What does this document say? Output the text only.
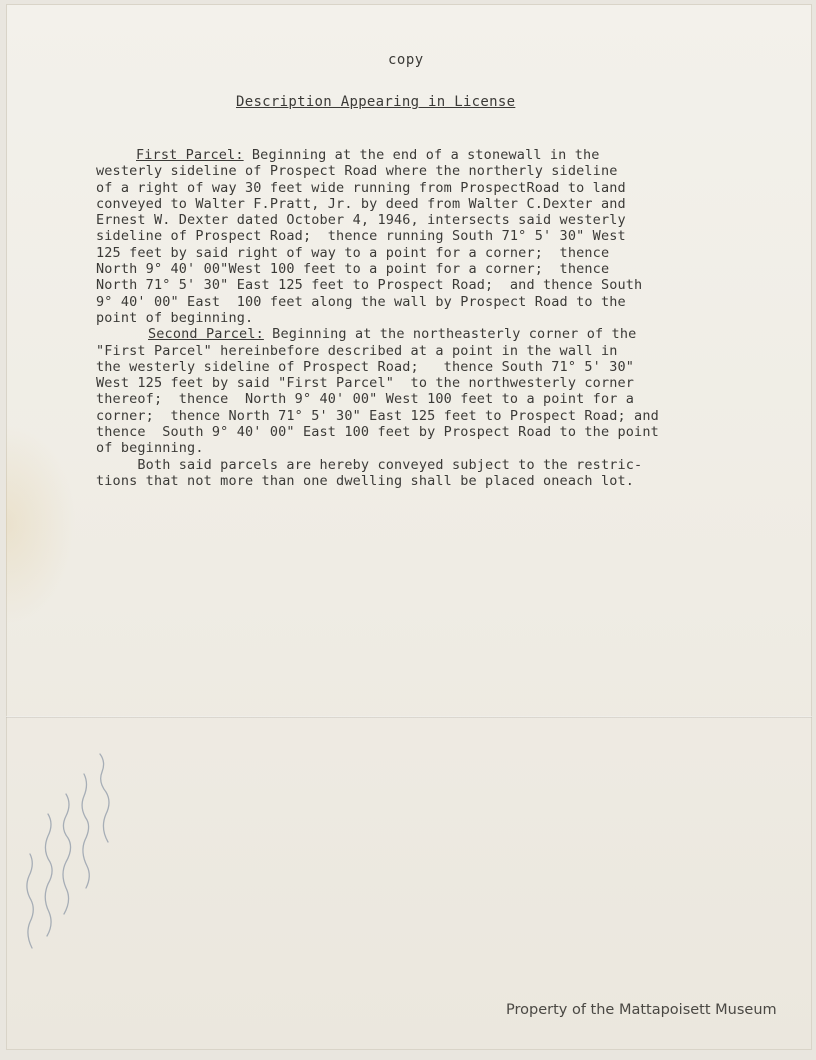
copy
Description Appearing in License
First Parcel: Beginning at the end of a stonewall in the
westerly sideline of Prospect Road where the northerly sideline
of a right of way 30 feet wide running from ProspectRoad to land
conveyed to Walter F.Pratt, Jr. by deed from Walter C.Dexter and
Ernest W. Dexter dated October 4, 1946, intersects said westerly
sideline of Prospect Road;  thence running South 71° 5' 30" West
125 feet by said right of way to a point for a corner;  thence
North 9° 40' 00"West 100 feet to a point for a corner;  thence
North 71° 5' 30" East 125 feet to Prospect Road;  and thence South
9° 40' 00" East  100 feet along the wall by Prospect Road to the
point of beginning.
Second Parcel: Beginning at the northeasterly corner of the
"First Parcel" hereinbefore described at a point in the wall in
the westerly sideline of Prospect Road;   thence South 71° 5' 30"
West 125 feet by said "First Parcel"  to the northwesterly corner
thereof;  thence  North 9° 40' 00" West 100 feet to a point for a
corner;  thence North 71° 5' 30" East 125 feet to Prospect Road; and
thence  South 9° 40' 00" East 100 feet by Prospect Road to the point
of beginning.
Both said parcels are hereby conveyed subject to the restric-
tions that not more than one dwelling shall be placed oneach lot.
Property of the Mattapoisett Museum
